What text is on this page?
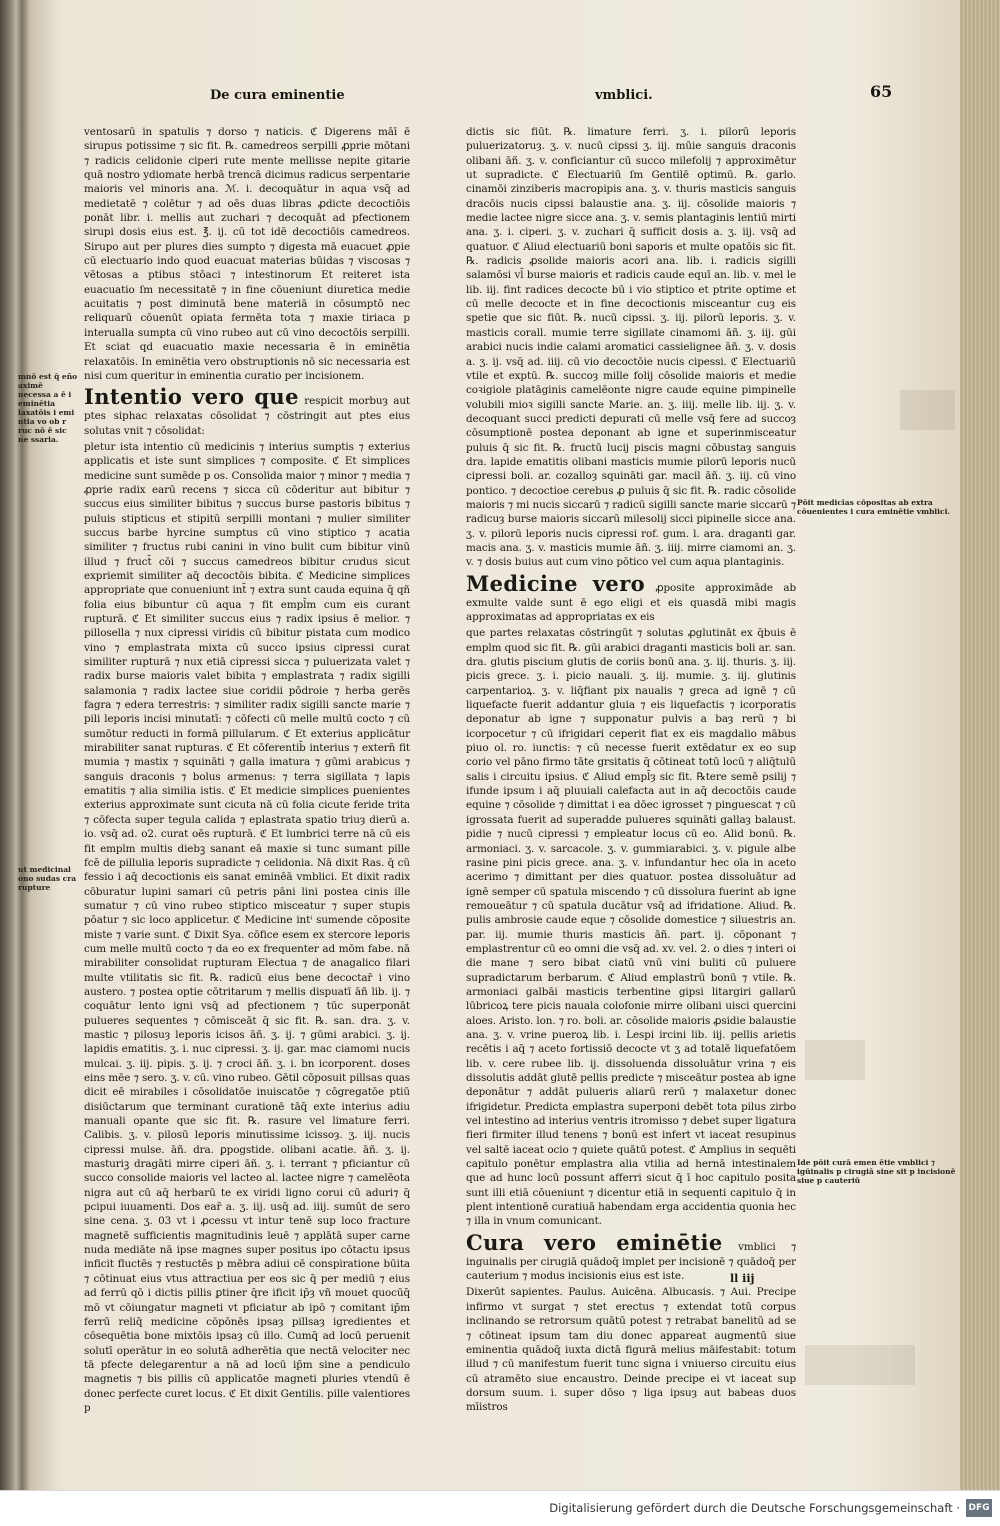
De cura eminentie	vmblici.	65

ventosarū in spatulis ⁊ dorso ⁊ naticis. ℭ Digerens māī ē sirupus potissime ⁊ sic fit. ℞. camedreos serpilli ꝓprie mōtani ⁊ radicis celidonie ciperi rute mente mellisse nepite gitarie quā nostro ydiomate herbā trencā dicimus radicus serpentarie maioris vel minoris ana. ℳ. i. decoquātur in aqua vsq̄ ad medietatē ⁊ colētur ⁊ ad oēs duas libras ꝓdicte decoctiōis ponāt libr. i. mellis aut zuchari ⁊ decoquāt ad pfectionem sirupi dosis eius est. ℥. ij. cū tot idē decoctiōis camedreos. Sirupo aut per plures dies sumpto ⁊ digesta mā euacuet ꝓpie cū electuario indo quod euacuat materias būidas ⁊ viscosas ⁊ vētosas a ptibus stōaci ⁊ intestinorum Et reiteret ista euacuatio ſm necessitatē ⁊ in fine cōueniunt diuretica medie acuitatis ⁊ post diminutā bene materiā in cōsumptō nec reliquarū cōuenūt opiata fermēta tota ⁊ maxie tiriaca p interualla sumpta cū vino rubeo aut cū vino decoctōis serpilli. Et sciat qd euacuatio maxie necessaria ē in eminētia relaxatōis. In eminētia vero obstruptionis nō sic necessaria est nisi cum queritur in eminentia curatio per incisionem.

Intentio vero que respicit morbuȝ aut ptes siphac relaxatas cōsolidat ⁊ cōstringit aut ptes eius solutas vnit ⁊ cōsolidat:

pletur ista intentio cū medicinis ⁊ interius sumptis ⁊ exterius applicatis et iste sunt simplices ⁊ composite. ℭ Et simplices medicine sunt sumēde p os. Consolida maior ⁊ minor ⁊ media ⁊ ꝓprie radix earū recens ⁊ sicca cū cōderitur aut bibitur ⁊ succus eius similiter bibitus ⁊ succus burse pastoris bibitus ⁊ puluis stipticus et stipitū serpilli montani ⁊ mulier similiter succus barbe hyrcine sumptus cū vino stiptico ⁊ acatia similiter ⁊ fructus rubi canini in vino bulit cum bibitur vinū illud ⁊ fruct̄ cōi ⁊ succus camedreos bibitur crudus sicut expriemit similiter aq̄ decoctōis bibita. ℭ Medicine simplices appropriate que conueniunt int̄ ⁊ extra sunt cauda equina q̄ qñ folia eius bibuntur cū aqua ⁊ fit empl̄m cum eis curant rupturā. ℭ Et similiter succus eius ⁊ radix ipsius ē melior. ⁊ pillosella ⁊ nux cipressi viridis cū bibitur pistata cum modico vino ⁊ emplastrata mixta cū succo ipsius cipressi curat similiter rupturā ⁊ nux etiā cipressi sicca ⁊ puluerizata valet ⁊ radix burse maioris valet bibita ⁊ emplastrata ⁊ radix sigilli salamonia ⁊ radix lactee siue coridii pōdroie ⁊ herba gerēs fagra ⁊ edera terrestris: ⁊ similiter radix sigilli sancte marie ⁊ pili leporis incisi minutatī: ⁊ cōfecti cū melle multū cocto ⁊ cū sumōtur reducti in formā pillularum. ℭ Et exterius applicātur mirabiliter sanat rupturas. ℭ Et cōferentib̄ interius ⁊ extern̄ fit mumia ⁊ mastix ⁊ squināti ⁊ galla imatura ⁊ gūmi arabicus ⁊ sanguis draconis ⁊ bolus armenus: ⁊ terra sigillata ⁊ lapis ematitis ⁊ alia similia istis. ℭ Et medicie simplices ꝑuenientes exterius approximate sunt cicuta nā cū folia cicute feride trita ⁊ cōfecta super tegula calida ⁊ eplastrata spatio triuȝ dierū a. io. vsq̄ ad. o2. curat oēs rupturā. ℭ Et lumbrici terre nā cū eis fit emplm multis diebꝫ sanant eā maxie si tunc sumant pille fcē de pillulia leporis supradicte ⁊ celidonia. Nā dixit Ras. q̄ cū fessio i aq̄ decoctionis eis sanat eminēā vmblici. Et dixit radix cōburatur lupini samari cū petris pāni lini postea cinis ille sumatur ⁊ cū vino rubeo stiptico misceatur ⁊ super stupis pōatur ⁊ sic loco applicetur. ℭ Medicine intⁱ sumende cōposite miste ⁊ varie sunt. ℭ Dixit Sya. cōfice esem ex stercore leporis cum melle multū cocto ⁊ da eo ex frequenter ad mōm fabe. nā mirabiliter consolidat rupturam Electua ⁊ de anagalico filari multe vtilitatis sic fit. ℞. radicū eius bene decoctar̄ i vino austero. ⁊ postea optie cōtritarum ⁊ mellis dispuatī āñ lib. ij. ⁊ coquātur lento igni vsq̄ ad pfectionem ⁊ tūc superponāt pulueres sequentes ⁊ cōmisceāt q̄ sic fit. ℞. san. dra. ʒ. v. mastic ⁊ pilosuȝ leporis icisos āñ. ʒ. ij. ⁊ gūmi arabici. ʒ. ij. lapidis ematitis. ʒ. i. nuc cipressi. ʒ. ij. gar. mac ciamomi nucis mulcai. ʒ. iij. pipis. ʒ. ij. ⁊ croci āñ. ʒ. i. bn icorporent. doses eins mēe ⁊ sero. ʒ. v. cū. vino rubeo. Gētil cōposuit pillsas quas dicit eē mirabiles i cōsolidatōe inuiscatōe ⁊ cōgregatōe ptiū disiūctarum que terminant curationē tāq̄ exte interius adiu manuali opante que sic fit. ℞. rasure vel limature ferri. Calibis. ʒ. v. pilosū leporis minutissime icissoȝ. ʒ. iij. nucis cipressi mulse. āñ. dra. ꝑpogstide. olibani acatie. āñ. ʒ. ij. masturiꝫ dragāti mirre ciperi āñ. ʒ. i. terrant ⁊ pficiantur cū succo consolide maioris vel lacteo al. lactee nigre ⁊ camelēota nigra aut cū aq̄ herbarū te ex viridi ligno corui cū aduri⁊ q̄ pcipui iuuamenti. Dos ear̄ a. ʒ. iij. usq̄ ad. iiij. sumūt de sero sine cena. ʒ. 03 vt i ꝓcessu vt intur tenē sup loco fracture magnetē sufficientis magnitudinis leuē ⁊ applātā super carne nuda mediāte nā ipse magnes super positus ipo cōtactu ipsus inficit fluctēs ⁊ restuctēs p mēbra adiui cē conspiratione būita ⁊ cōtinuat eius vtus attractiua per eos sic q̄ per mediū ⁊ eius ad ferrū qō i dictis pillis ꝑtiner q̄re ificit ip̄ȝ vñ mouet quocūq̄ mō vt cōiungatur magneti vt pficiatur ab ipō ⁊ comitant ip̄m ferrū reliq̄ medicine cōpōnēs ipsaȝ pillsaȝ igredientes et cōsequētia bone mixtōis ipsaȝ cū illo. Cumq̄ ad locū peruenit solutī operātur in eo solutā adherētia que nectā velociter nec tā pfecte delegarentur a nā ad locū ip̄m sine a pendiculo magnetis ⁊ bis pillis cū applicatōe magneti pluries vtendū ē donec perfecte curet locus. ℭ Et dixit Gentilis. pille valentiores p

dictis sic fiūt. ℞. limature ferri. ʒ. i. pilorū leporis puluerizatoruȝ. ʒ. v. nucū cipssi ʒ. iij. mūie sanguis draconis olibani āñ. ʒ. v. conficiantur cū succo milefolij ⁊ approximētur ut supradicte. ℭ Electuariū ſm Gentilē optimū. ℞. garlo. cinamōi zinziberis macropipis ana. ʒ. v. thuris masticis sanguis dracōis nucis cipssi balaustie ana. ʒ. iij. cōsolide maioris ⁊ medie lactee nigre sicce ana. ʒ. v. semis plantaginis lentiū mirti ana. ʒ. i. ciperi. ʒ. v. zuchari q̄ sufficit dosis a. ʒ. iij. vsq̄ ad quatuor. ℭ Aliud electuariū boni saporis et multe opatōis sic fit. ℞. radicis ꝓsolide maioris acori ana. lib. i. radicis sigilli salamōsi vl̄ burse maioris et radicis caude equī an. lib. v. mel le lib. iij. fint radices decocte bū i vio stiptico et ptrite optime et cū melle decocte et in fine decoctionis misceantur cuȝ eis spetie que sic fiūt. ℞. nucū cipssi. ʒ. iij. pilorū leporis. ʒ. v. masticis corall. mumie terre sigillate cinamomi āñ. ʒ. iij. gūi arabici nucis indie calami aromatici cassielignee āñ. ʒ. v. dosis a. ʒ. ij. vsq̄ ad. iiij. cū vio decoctōie nucis cipessi. ℭ Electuariū vtile et exptū. ℞. succoȝ mille folij cōsolide maioris et medie coꝛigiole platāginis camelēonte nigre caude equine pimpinelle volubili mioꝛ sigilli sancte Marie. an. ʒ. iiij. melle lib. iij. ʒ. v. decoquant succi predicti depurati cū melle vsq̄ fere ad succoȝ cōsumptionē postea deponant ab igne et superinmisceatur puluis q̄ sic fit. ℞. fructū lucij piscis magni cōbustaȝ sanguis dra. lapide ematitis olibani masticis mumie pilorū leporis nucū cipressi boli. ar. cozalloȝ squināti gar. macil āñ. ʒ. iij. cū vino pontico. ⁊ decoctioe cerebus ꝓ puluis q̄ sic fit. ℞. radic cōsolide maioris ⁊ mi nucis siccarū ⁊ radicū sigilli sancte marie siccarū ⁊ radicuȝ burse maioris siccarū milesolij sicci pipinelle sicce ana. ʒ. v. pilorū leporis nucis cipressi rof. gum. l. ara. draganti gar. macis ana. ʒ. v. masticis mumie āñ. ʒ. iiij. mirre ciamomi an. ʒ. v. ⁊ dosis buius aut cum vino pōtico vel cum aqua plantaginis.

Medicine vero ꝓposite approximāde ab exmulte valde sunt ē ego eligi et eis quasdā mibi magis approximatas ad appropriatas ex eis

que partes relaxatas cōstringūt ⁊ solutas ꝓglutināt ex q̄buis ē emplm quod sic fit. ℞. gūi arabici draganti masticis boli ar. san. dra. glutis piscium glutis de coriis bonū ana. ʒ. iij. thuris. ʒ. iij. picis grece. ʒ. i. picio nauali. ʒ. iij. mumie. ʒ. iij. glutinis carpentarioꝝ. ʒ. v. liq̄fiant pix naualis ⁊ greca ad ignē ⁊ cū liquefacte fuerit addantur gluia ⁊ eis liquefactis ⁊ icorporatis deponatur ab igne ⁊ supponatur pulvis a baȝ rerū ⁊ bi icorpocetur ⁊ cū ifrigidari ceperit fiat ex eis magdalio mābus piuo ol. ro. iunctis: ⁊ cū necesse fuerit extēdatur ex eo sup corio vel pāno firmo tāte grsitatis q̄ cōtineat totū locū ⁊ aliq̄tulū salis i circuitu ipsius. ℭ Aliud empl̄ȝ sic fit. ℞tere semē psilij ⁊ ifunde ipsum i aq̄ pluuiali calefacta aut in aq̄ decoctōis caude equine ⁊ cōsolide ⁊ dimittat i ea dōec igrosset ⁊ pinguescat ⁊ cū igrossata fuerit ad superadde pulueres squināti gallaȝ balaust. pidie ⁊ nucū cipressi ⁊ empleatur locus cū eo. Alid bonū. ℞. armoniaci. ʒ. v. sarcacole. ʒ. v. gummiarabici. ʒ. v. pigule albe rasine pini picis grece. ana. ʒ. v. infundantur hec oīa in aceto acerimo ⁊ dimittant per dies quatuor. postea dissoluātur ad ignē semper cū spatula miscendo ⁊ cū dissolura fuerint ab igne remoueātur ⁊ cū spatula ducātur vsq̄ ad ifridatione. Aliud. ℞. pulis ambrosie caude eque ⁊ cōsolide domestice ⁊ siluestris an. par. iij. mumie thuris masticis āñ. part. ij. cōponant ⁊ emplastrentur cū eo omni die vsq̄ ad. xv. vel. 2. o dies ⁊ interi oi die mane ⁊ sero bibat ciatū vnū vini buliti cū puluere supradictarum berbarum. ℭ Aliud emplastrū bonū ⁊ vtile. ℞. armoniaci galbāi masticis terbentine gipsi litargiri gallarū lūbricoꝝ tere picis nauala colofonie mirre olibani uisci quercini aloes. Aristo. lon. ⁊ ro. boli. ar. cōsolide maioris ꝓsidie balaustie ana. ʒ. v. vrine pueroꝝ lib. i. Lespi ircini lib. iij. pellis arietis recētis i aq̄ ⁊ aceto fortissiō decocte vt ʒ ad totalē liquefatōem lib. v. cere rubee lib. ij. dissoluenda dissoluātur vrina ⁊ eis dissolutis addāt glutē pellis predicte ⁊ misceātur postea ab igne deponātur ⁊ addāt pulueris aliarū rerū ⁊ malaxetur donec ifrigidetur. Predicta emplastra superponi debēt tota pilus zirbo vel intestino ad interius ventris itromisso ⁊ debet super ligatura fieri firmiter illud tenens ⁊ bonū est infert vt iaceat resupinus vel saltē iaceat ocio ⁊ quiete quātū potest. ℭ Amplius in sequēti capitulo ponētur emplastra alia vtilia ad hernā intestinalem que ad hunc locū possunt afferri sicut q̄ ī hoc capitulo posita sunt illi etiā cōueniunt ⁊ dicentur etiā in sequenti capitulo q̄ in plent intentionē curatiuā habendam erga accidentia quonia hec ⁊ illa in vnum comunicant.

Cura vero eminētie vmblici ⁊ inguinalis per cirugiā quādoq̄ implet per incisionē ⁊ quādoq̄ per cauterium ⁊ modus incisionis eius est iste.

Dixerūt sapientes. Paulus. Auicēna. Albucasis. ⁊ Aui. Precipe infirmo vt surgat ⁊ stet erectus ⁊ extendat totū corpus inclinando se retrorsum quātū potest ⁊ retrabat banelitū ad se ⁊ cōtineat ipsum tam diu donec appareat augmentū siue eminentia quādoq̄ iuxta dictā figurā melius māifestabit: totum illud ⁊ cū manifestum fuerit tunc signa i vniuerso circuitu eius cū atramēto siue encaustro. Deinde precipe ei vt iaceat sup dorsum suum. i. super dōso ⁊ liga ipsuȝ aut babeas duos mīistros

ll iij
mnō est q̄ eño aximē necessa a ē i eminētia laxatōis i emi ntia vo ob r ruc nō ē sic ne ssaria.
ut medicinal ono sudas cra rupture
Pōit medicīas cōpositas ab extra cōuenientes i cura eminētie vmblici.
Ide pōit curā emen ētie vmblici ⁊ igūinalis p cirugiā sine sit p incisionē siue p cauteriū
Digitalisierung gefördert durch die Deutsche Forschungsgemeinschaft · DFG
